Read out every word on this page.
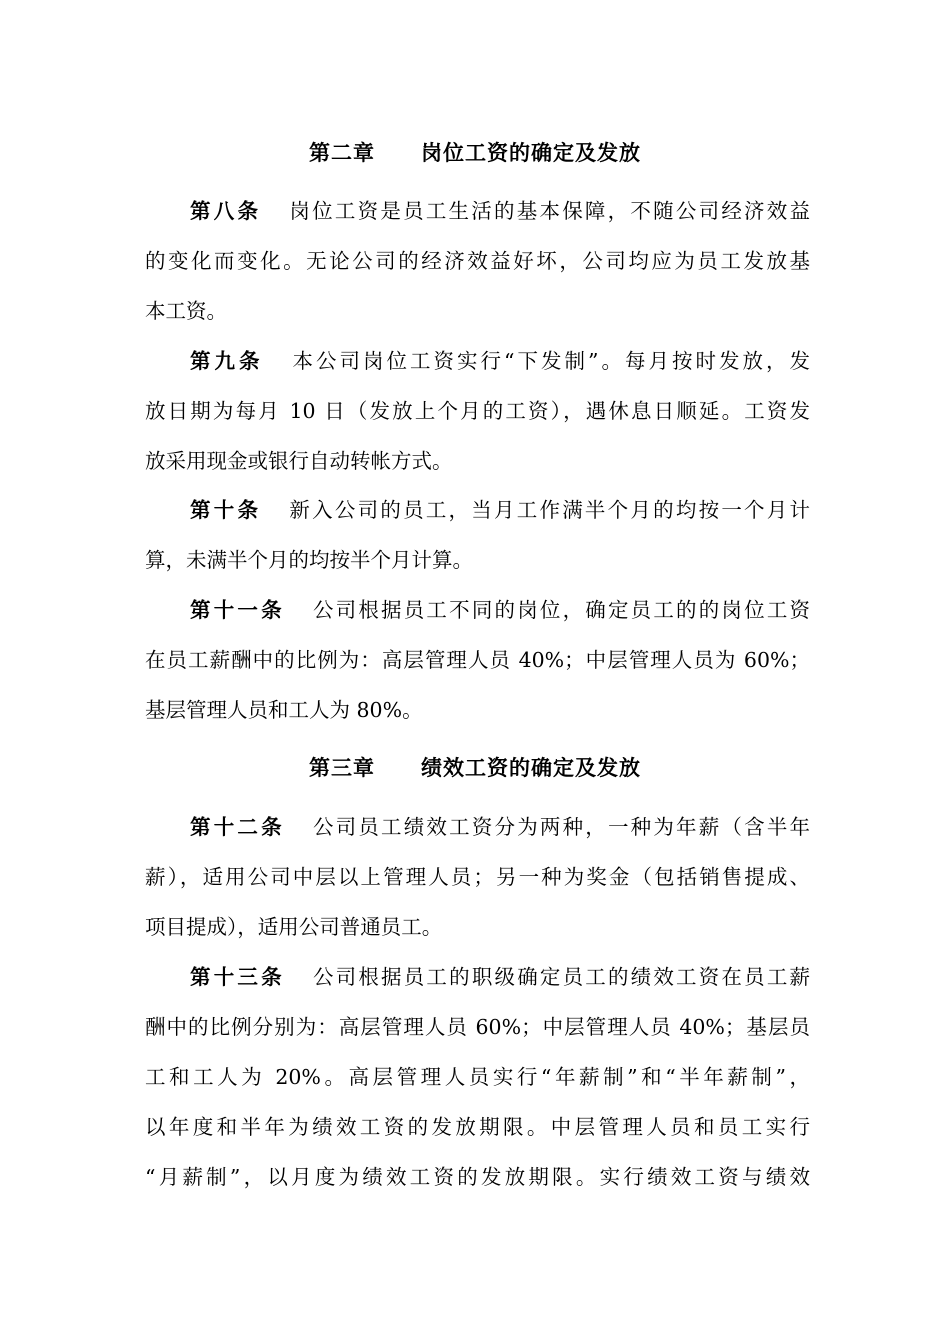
第二章 岗位工资的确定及发放
第八条 岗位工资是员工生活的基本保障，不随公司经济效益
的变化而变化。无论公司的经济效益好坏，公司均应为员工发放基
本工资。
第九条 本公司岗位工资实行“下发制”。每月按时发放，发
放日期为每月 10 日（发放上个月的工资），遇休息日顺延。工资发
放采用现金或银行自动转帐方式。
第十条 新入公司的员工，当月工作满半个月的均按一个月计
算，未满半个月的均按半个月计算。
第十一条 公司根据员工不同的岗位，确定员工的的岗位工资
在员工薪酬中的比例为：高层管理人员 40%；中层管理人员为 60%；
基层管理人员和工人为 80%。
第三章 绩效工资的确定及发放
第十二条 公司员工绩效工资分为两种，一种为年薪（含半年
薪），适用公司中层以上管理人员；另一种为奖金（包括销售提成、
项目提成），适用公司普通员工。
第十三条 公司根据员工的职级确定员工的绩效工资在员工薪
酬中的比例分别为：高层管理人员 60%；中层管理人员 40%；基层员
工和工人为 20%。高层管理人员实行“年薪制”和“半年薪制”，
以年度和半年为绩效工资的发放期限。中层管理人员和员工实行
“月薪制”，以月度为绩效工资的发放期限。实行绩效工资与绩效
